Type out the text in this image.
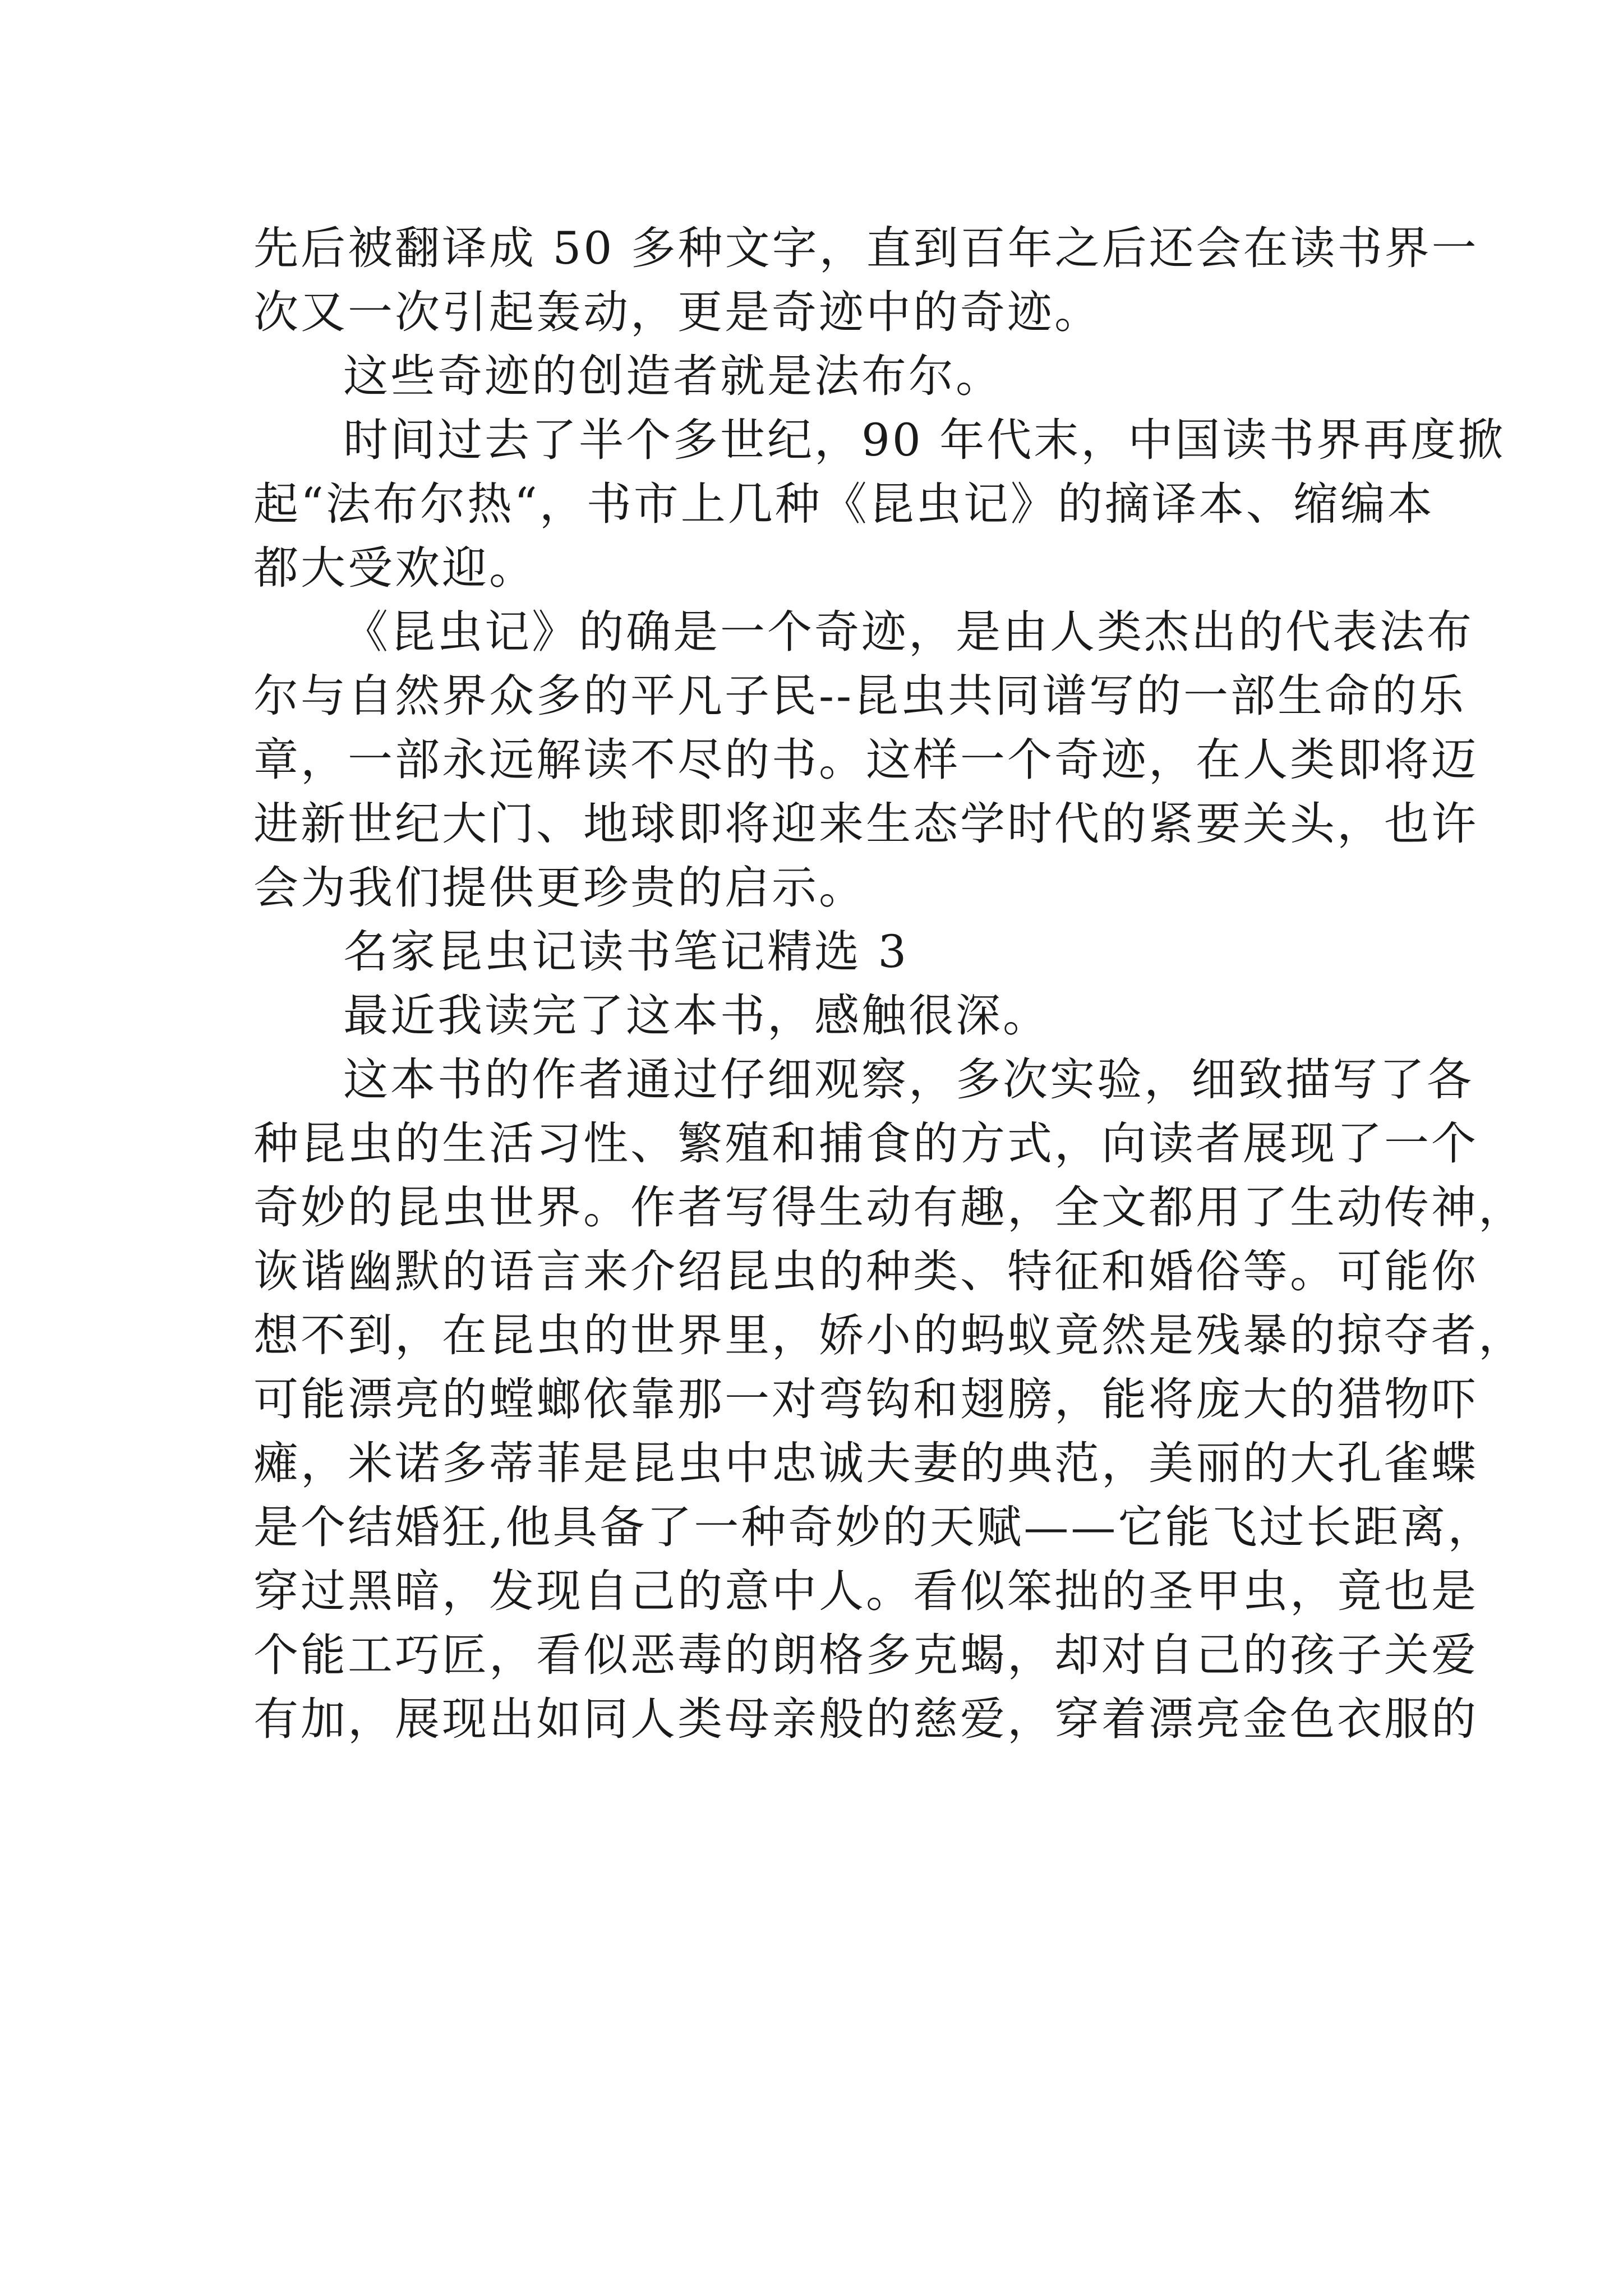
先后被翻译成 50 多种文字，直到百年之后还会在读书界一
次又一次引起轰动，更是奇迹中的奇迹。

这些奇迹的创造者就是法布尔。

时间过去了半个多世纪，90 年代末，中国读书界再度掀
起“法布尔热“，书市上几种《昆虫记》的摘译本、缩编本
都大受欢迎。

《昆虫记》的确是一个奇迹，是由人类杰出的代表法布
尔与自然界众多的平凡子民--昆虫共同谱写的一部生命的乐
章，一部永远解读不尽的书。这样一个奇迹，在人类即将迈
进新世纪大门、地球即将迎来生态学时代的紧要关头，也许
会为我们提供更珍贵的启示。

名家昆虫记读书笔记精选 3

最近我读完了这本书，感触很深。

这本书的作者通过仔细观察，多次实验，细致描写了各
种昆虫的生活习性、繁殖和捕食的方式，向读者展现了一个
奇妙的昆虫世界。作者写得生动有趣，全文都用了生动传神，
诙谐幽默的语言来介绍昆虫的种类、特征和婚俗等。可能你
想不到，在昆虫的世界里，娇小的蚂蚁竟然是残暴的掠夺者，
可能漂亮的螳螂依靠那一对弯钩和翅膀，能将庞大的猎物吓
瘫，米诺多蒂菲是昆虫中忠诚夫妻的典范，美丽的大孔雀蝶
是个结婚狂,他具备了一种奇妙的天赋——它能飞过长距离，
穿过黑暗，发现自己的意中人。看似笨拙的圣甲虫，竟也是
个能工巧匠，看似恶毒的朗格多克蝎，却对自己的孩子关爱
有加，展现出如同人类母亲般的慈爱，穿着漂亮金色衣服的
